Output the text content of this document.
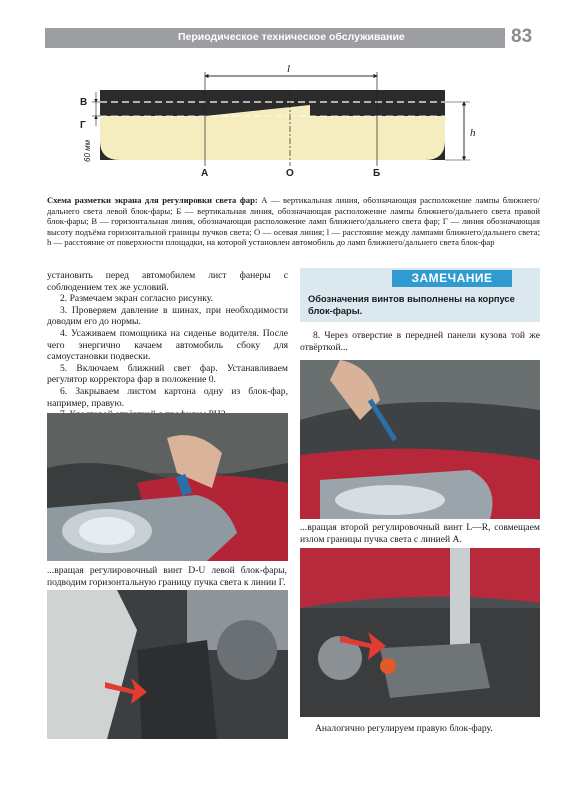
Периодическое техническое обслуживание	83
l
h
В
Г
60 мм
А	О	Б
Схема разметки экрана для регулировки света фар: А — вертикальная линия, обозначающая расположение лампы ближнего/дальнего света левой блок-фары; Б — вертикальная линия, обозначающая расположение лампы ближнего/дальнего света правой блок-фары; В — горизонтальная линия, обозначающая расположение ламп ближнего/дальнего света фар; Г — линия обозначающая высоту подъёма горизонтальной границы пучков света; О — осевая линия; l — расстояние между лампами ближнего/дальнего света; h — расстояние от поверхности площадки, на которой установлен автомобиль до ламп ближнего/дальнего света блок-фар

установить перед автомобилем лист фанеры с соблюдением тех же условий.

2. Размечаем экран согласно рисунку.

3. Проверяем давление в шинах, при необходимости доводим его до нормы.

4. Усаживаем помощника на сиденье водителя. После чего энергично качаем автомобиль сбоку для самоустановки подвески.

5. Включаем ближний свет фар. Устанавливаем регулятор корректора фар в положение 0.

6. Закрываем листом картона одну из блок-фар, например, правую.

...вращая регулировочный винт D-U левой блок-фары, подводим горизонтальную границу пучка света к линии Г.
ЗАМЕЧАНИЕ
Обозначения винтов выполнены на корпусе блок-фары.
8. Через отверстие в передней панели кузова той же отвёрткой...
...вращая второй регулировочный винт L—R, совмещаем излом границы пучка света с линией А.
Аналогично регулируем правую блок-фару.
